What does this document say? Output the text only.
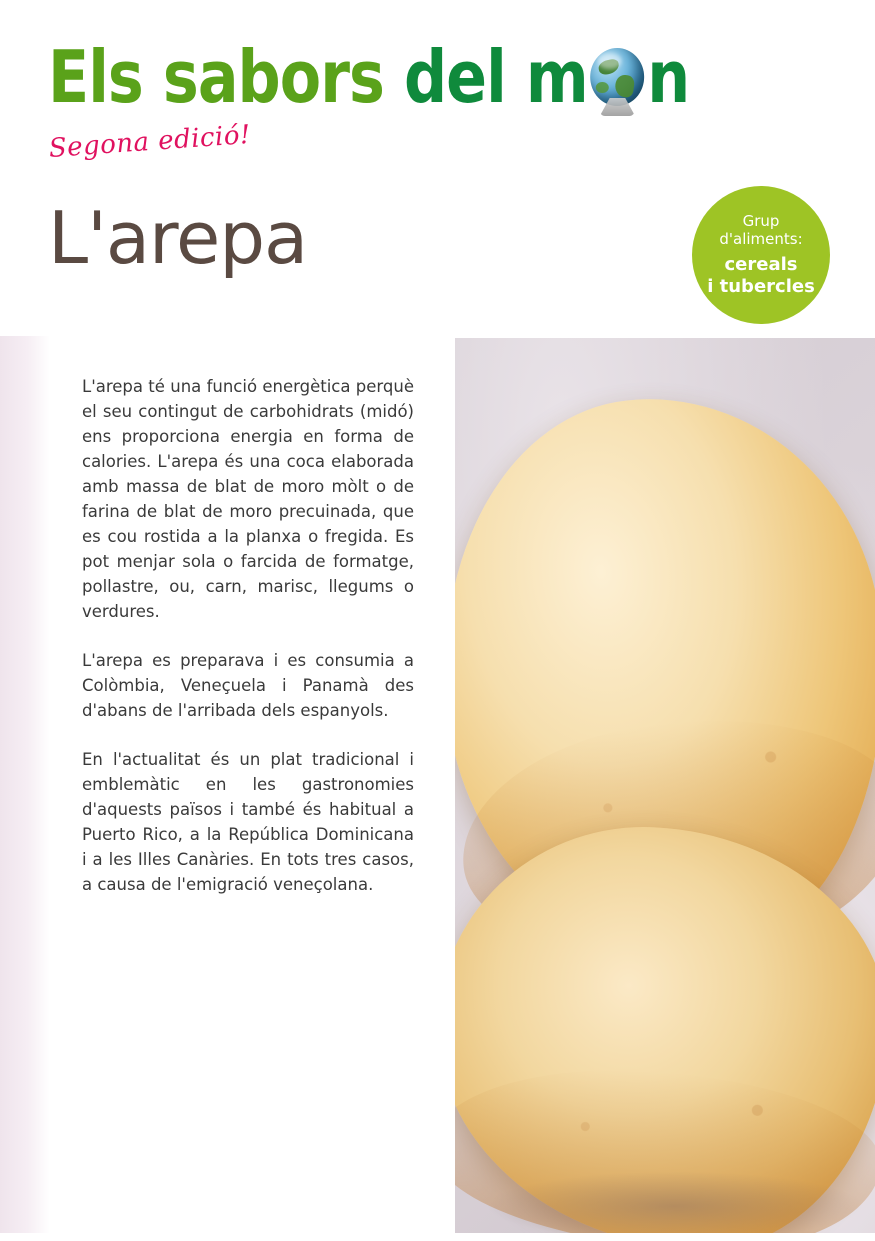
Els sabors del m n
Segona edició!
L'arepa	Grup
d'aliments:
cereals
i tubercles

L'arepa té una funció energètica perquè el seu contingut de carbohidrats (midó) ens proporciona energia en forma de calories. L'arepa és una coca elaborada amb massa de blat de moro mòlt o de farina de blat de moro precuinada, que es cou rostida a la planxa o fregida. Es pot menjar sola o farcida de formatge, pollastre, ou, carn, marisc, llegums o verdures.

L'arepa es preparava i es consumia a Colòmbia, Veneçuela i Panamà des d'abans de l'arribada dels espanyols.

En l'actualitat és un plat tradicional i emblemàtic en les gastronomies d'aquests països i també és habitual a Puerto Rico, a la República Dominicana i a les Illes Canàries. En tots tres casos, a causa de l'emigració veneçolana.
